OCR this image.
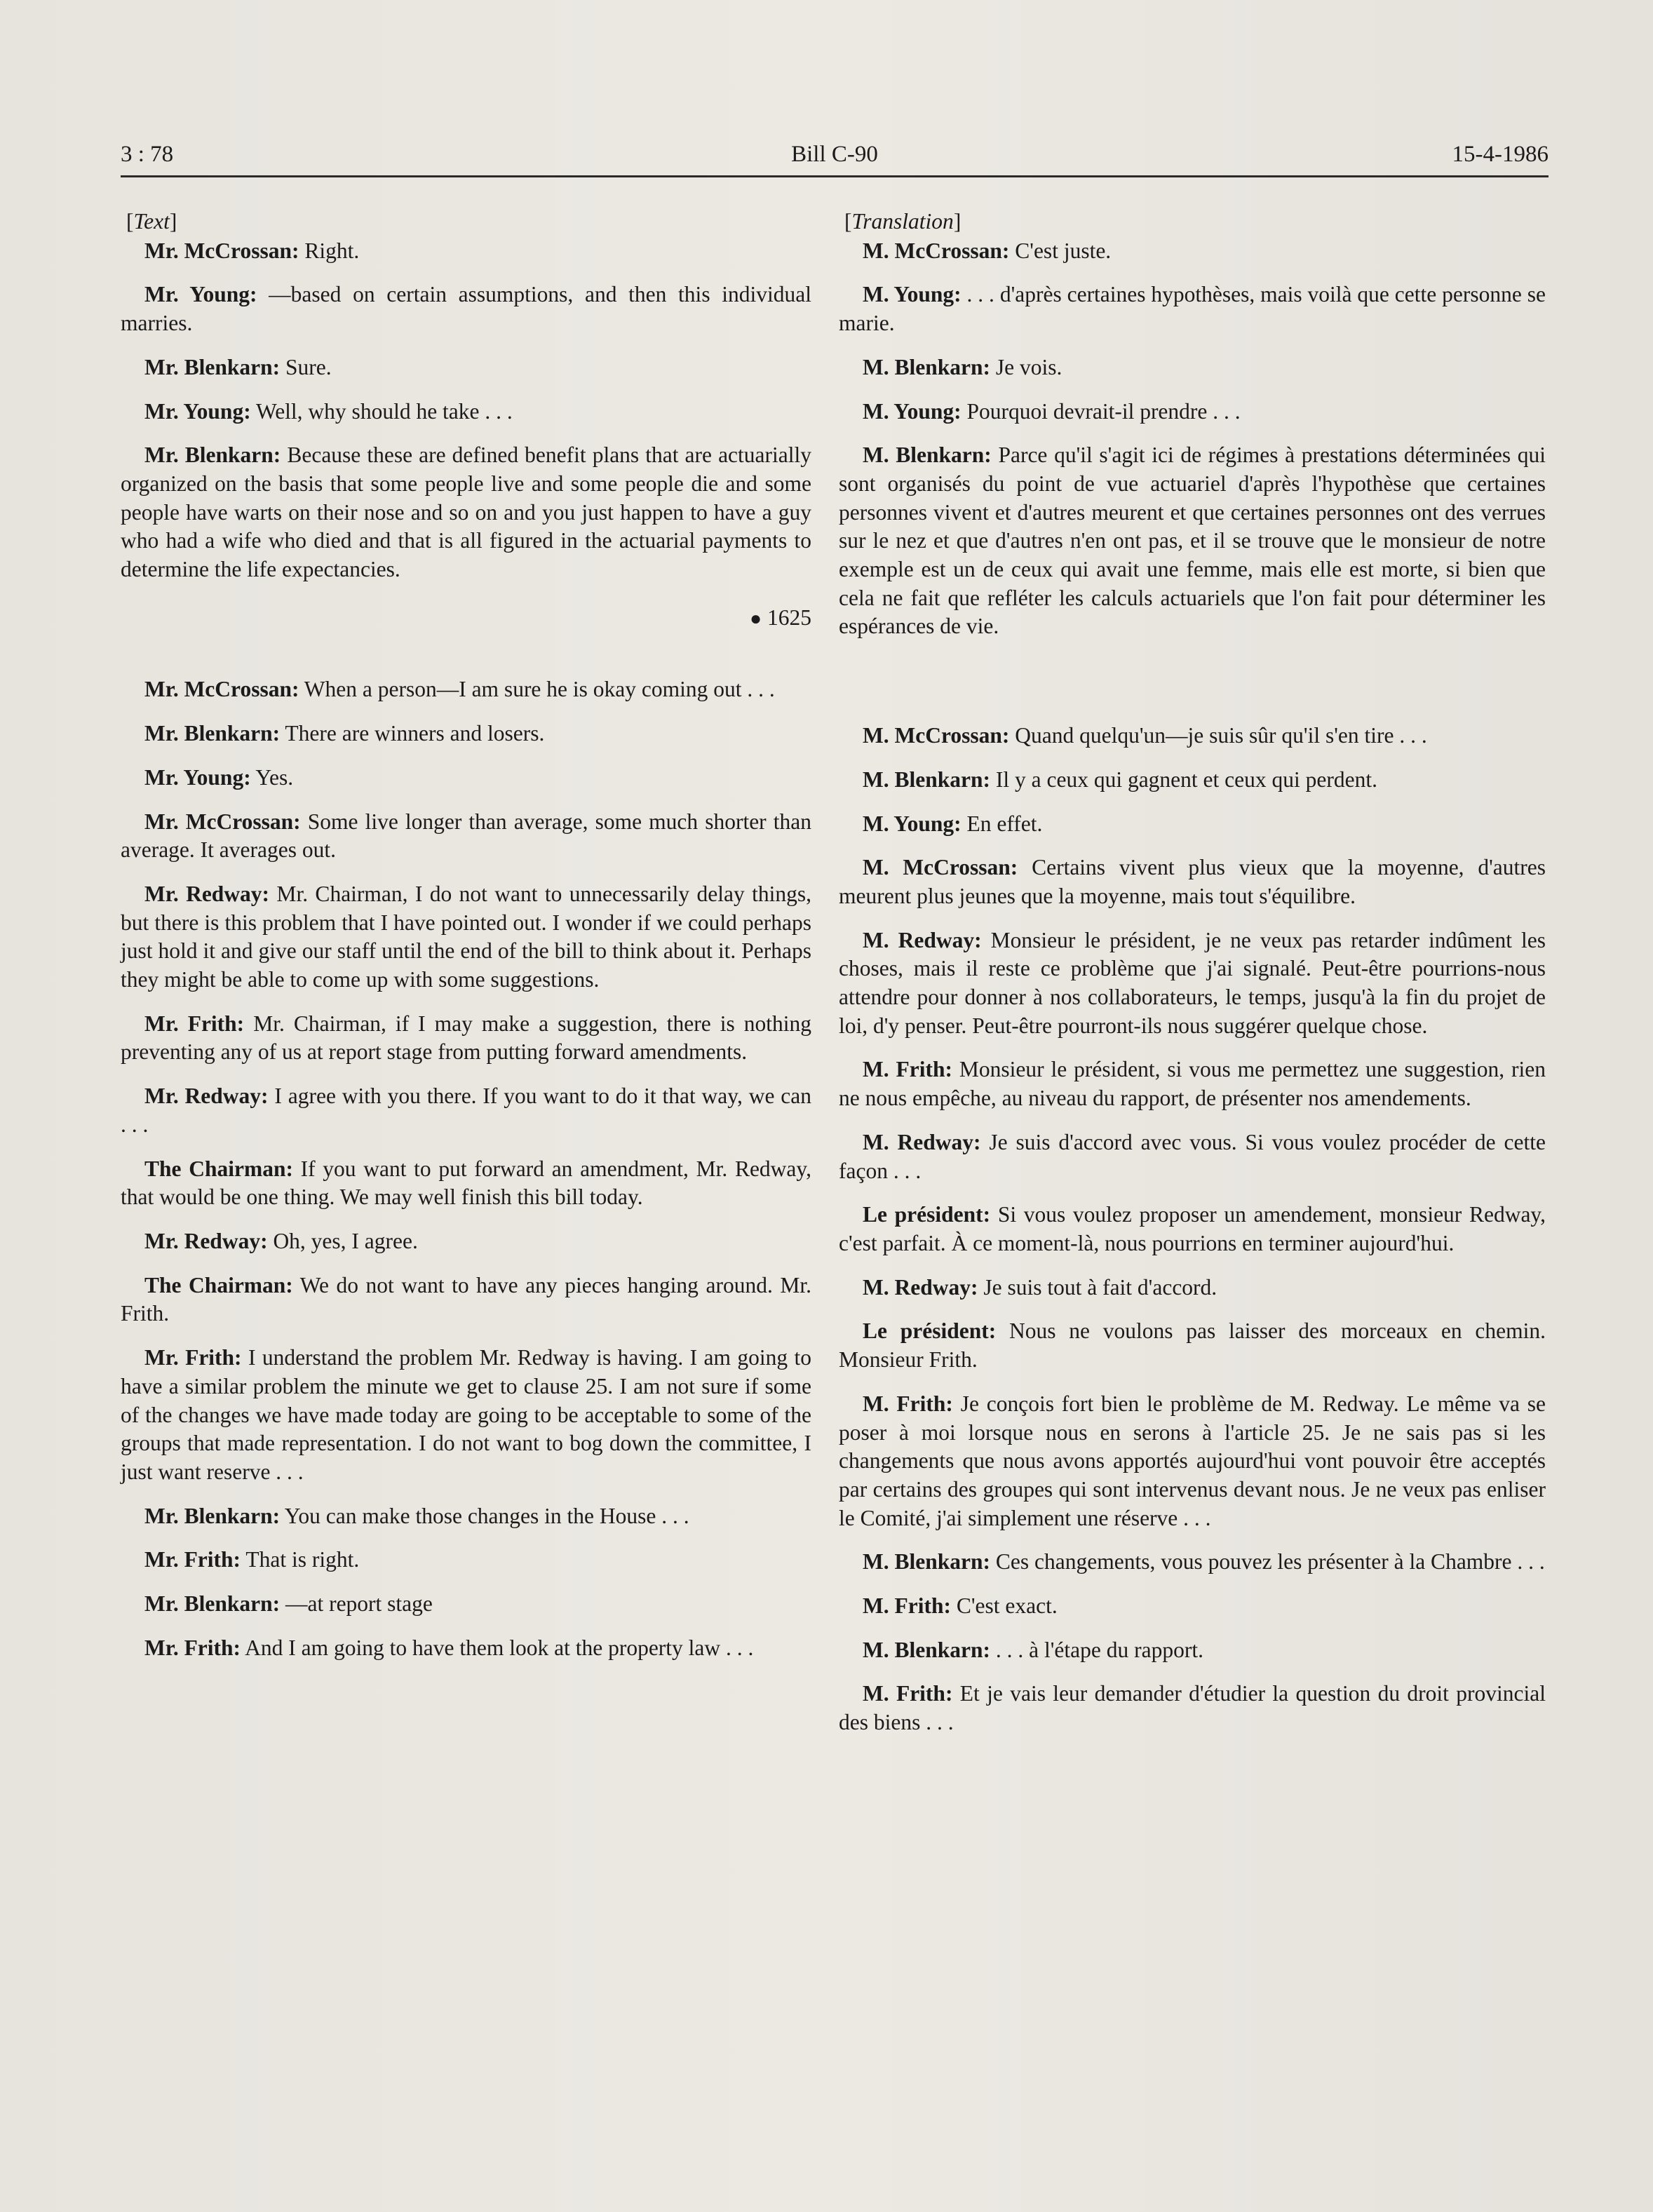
3 : 78	Bill C-90	15-4-1986
[Text]

Mr. McCrossan: Right.

Mr. Young: —based on certain assumptions, and then this individual marries.

Mr. Blenkarn: Sure.

Mr. Young: Well, why should he take . . .

Mr. Blenkarn: Because these are defined benefit plans that are actuarially organized on the basis that some people live and some people die and some people have warts on their nose and so on and you just happen to have a guy who had a wife who died and that is all figured in the actuarial payments to determine the life expectancies.

● 1625

Mr. McCrossan: When a person—I am sure he is okay coming out . . .

Mr. Blenkarn: There are winners and losers.

Mr. Young: Yes.

Mr. McCrossan: Some live longer than average, some much shorter than average. It averages out.

Mr. Redway: Mr. Chairman, I do not want to unnecessarily delay things, but there is this problem that I have pointed out. I wonder if we could perhaps just hold it and give our staff until the end of the bill to think about it. Perhaps they might be able to come up with some suggestions.

Mr. Frith: Mr. Chairman, if I may make a suggestion, there is nothing preventing any of us at report stage from putting forward amendments.

Mr. Redway: I agree with you there. If you want to do it that way, we can . . .

The Chairman: If you want to put forward an amendment, Mr. Redway, that would be one thing. We may well finish this bill today.

Mr. Redway: Oh, yes, I agree.

The Chairman: We do not want to have any pieces hanging around. Mr. Frith.

Mr. Frith: I understand the problem Mr. Redway is having. I am going to have a similar problem the minute we get to clause 25. I am not sure if some of the changes we have made today are going to be acceptable to some of the groups that made representation. I do not want to bog down the committee, I just want reserve . . .

Mr. Blenkarn: You can make those changes in the House . . .

Mr. Frith: That is right.

Mr. Blenkarn: —at report stage

Mr. Frith: And I am going to have them look at the property law . . .

[Translation]

M. McCrossan: C'est juste.

M. Young: . . . d'après certaines hypothèses, mais voilà que cette personne se marie.

M. Blenkarn: Je vois.

M. Young: Pourquoi devrait-il prendre . . .

M. Blenkarn: Parce qu'il s'agit ici de régimes à prestations déterminées qui sont organisés du point de vue actuariel d'après l'hypothèse que certaines personnes vivent et d'autres meurent et que certaines personnes ont des verrues sur le nez et que d'autres n'en ont pas, et il se trouve que le monsieur de notre exemple est un de ceux qui avait une femme, mais elle est morte, si bien que cela ne fait que refléter les calculs actuariels que l'on fait pour déterminer les espérances de vie.

M. McCrossan: Quand quelqu'un—je suis sûr qu'il s'en tire . . .

M. Blenkarn: Il y a ceux qui gagnent et ceux qui perdent.

M. Young: En effet.

M. McCrossan: Certains vivent plus vieux que la moyenne, d'autres meurent plus jeunes que la moyenne, mais tout s'équilibre.

M. Redway: Monsieur le président, je ne veux pas retarder indûment les choses, mais il reste ce problème que j'ai signalé. Peut-être pourrions-nous attendre pour donner à nos collaborateurs, le temps, jusqu'à la fin du projet de loi, d'y penser. Peut-être pourront-ils nous suggérer quelque chose.

M. Frith: Monsieur le président, si vous me permettez une suggestion, rien ne nous empêche, au niveau du rapport, de présenter nos amendements.

M. Redway: Je suis d'accord avec vous. Si vous voulez procéder de cette façon . . .

Le président: Si vous voulez proposer un amendement, monsieur Redway, c'est parfait. À ce moment-là, nous pourrions en terminer aujourd'hui.

M. Redway: Je suis tout à fait d'accord.

Le président: Nous ne voulons pas laisser des morceaux en chemin. Monsieur Frith.

M. Frith: Je conçois fort bien le problème de M. Redway. Le même va se poser à moi lorsque nous en serons à l'article 25. Je ne sais pas si les changements que nous avons apportés aujourd'hui vont pouvoir être acceptés par certains des groupes qui sont intervenus devant nous. Je ne veux pas enliser le Comité, j'ai simplement une réserve . . .

M. Blenkarn: Ces changements, vous pouvez les présenter à la Chambre . . .

M. Frith: C'est exact.

M. Blenkarn: . . . à l'étape du rapport.

M. Frith: Et je vais leur demander d'étudier la question du droit provincial des biens . . .
